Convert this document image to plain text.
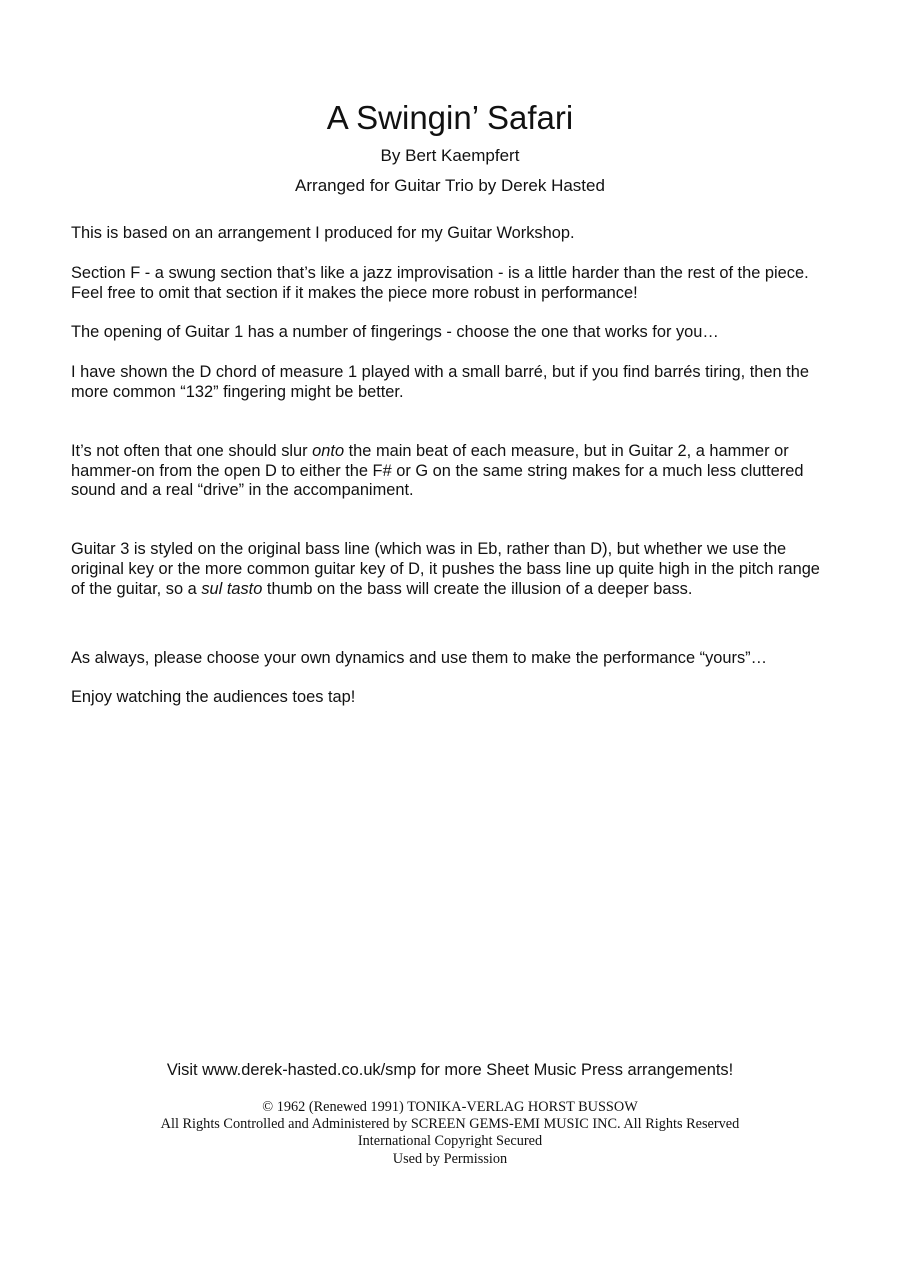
A Swingin’ Safari
By Bert Kaempfert
Arranged for Guitar Trio by Derek Hasted

This is based on an arrangement I produced for my Guitar Workshop.

Section F - a swung section that’s like a jazz improvisation - is a little harder than the rest of the piece. Feel free to omit that section if it makes the piece more robust in performance!

The opening of Guitar 1 has a number of fingerings - choose the one that works for you…

I have shown the D chord of measure 1 played with a small barré, but if you find barrés tiring, then the more common “132” fingering might be better.

It’s not often that one should slur onto the main beat of each measure, but in Guitar 2, a hammer or hammer-on from the open D to either the F# or G on the same string makes for a much less cluttered sound and a real “drive” in the accompaniment.

Guitar 3 is styled on the original bass line (which was in Eb, rather than D), but whether we use the original key or the more common guitar key of D, it pushes the bass line up quite high in the pitch range of the guitar, so a sul tasto thumb on the bass will create the illusion of a deeper bass.

As always, please choose your own dynamics and use them to make the performance “yours”…

Enjoy watching the audiences toes tap!

Visit www.derek-hasted.co.uk/smp for more Sheet Music Press arrangements!
© 1962 (Renewed 1991) TONIKA-VERLAG HORST BUSSOW
All Rights Controlled and Administered by SCREEN GEMS-EMI MUSIC INC. All Rights Reserved
International Copyright Secured
Used by Permission
